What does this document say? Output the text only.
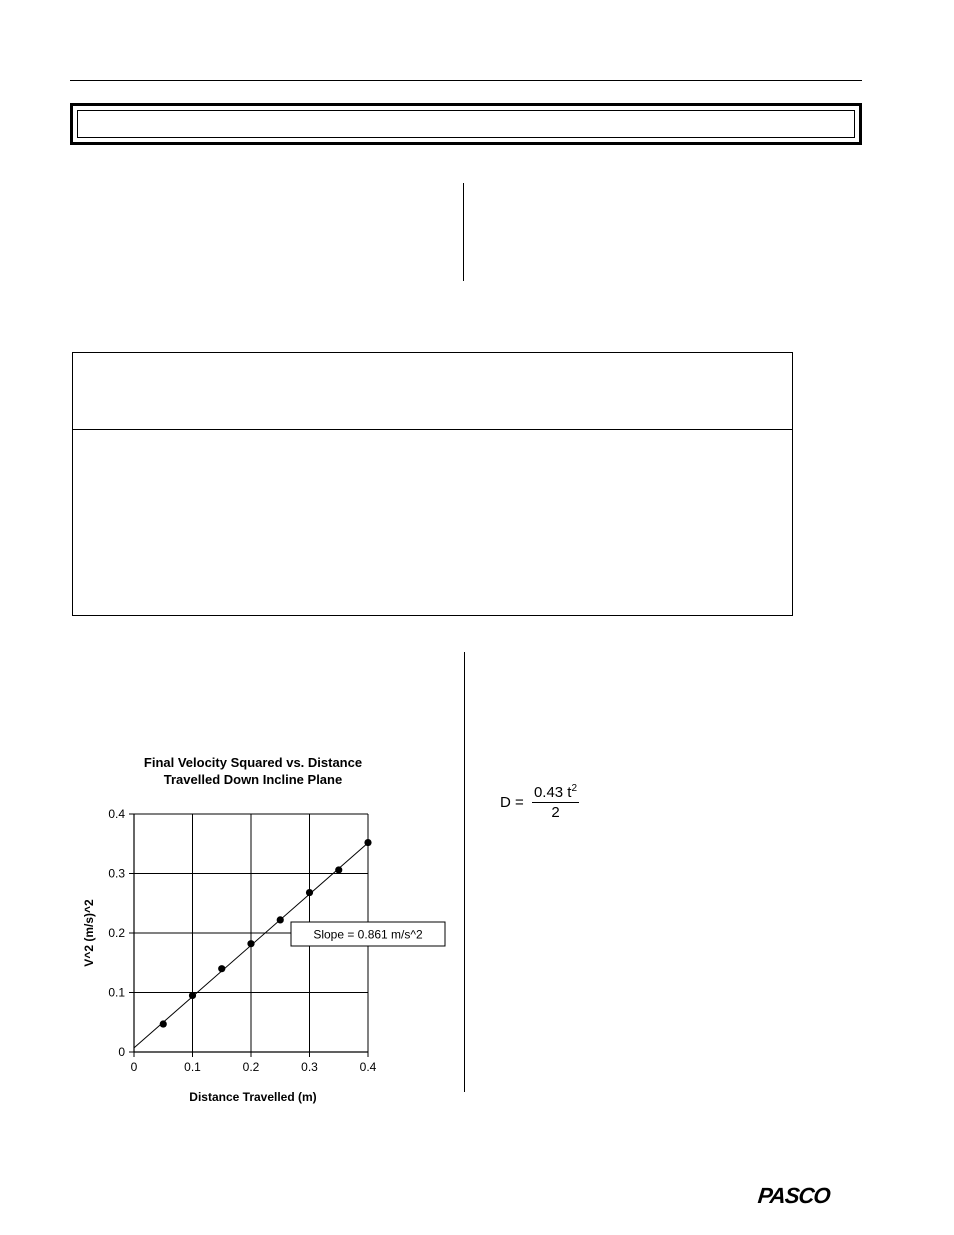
Final Velocity Squared vs. Distance
Travelled Down Incline Plane
0
0
0.1
0.1
0.2
0.2
0.3
0.3
0.4
0.4
Slope = 0.861 m/s^2
Distance Travelled (m)
V^2 (m/s)^2
$D = \frac{0.43 t^2}{2}$
PASCO
